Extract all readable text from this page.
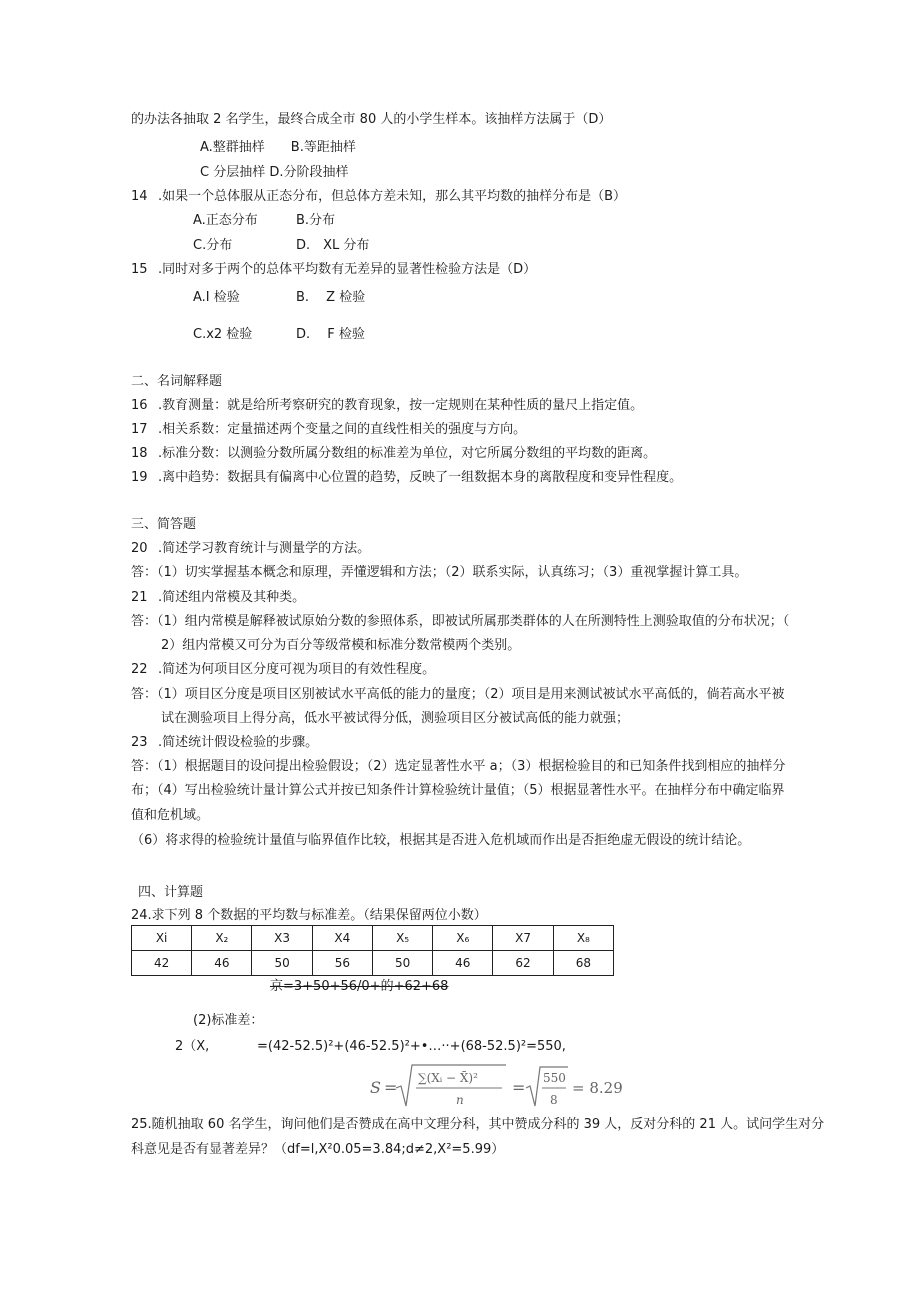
的办法各抽取 2 名学生，最终合成全市 80 人的小学生样本。该抽样方法属于（D）
A.整群抽样　　B.等距抽样
C 分层抽样 D.分阶段抽样
14 .如果一个总体服从正态分布，但总体方差未知，那么其平均数的抽样分布是（B）
A.正态分布	B.分布
C.分布	D.　XL 分布
15 .同时对多于两个的总体平均数有无差异的显著性检验方法是（D）
A.I 检验	B.　 Z 检验
C.x2 检验	D.　 F 检验
二、名词解释题
16 .教育测量：就是给所考察研究的教育现象，按一定规则在某种性质的量尺上指定值。
17 .相关系数：定量描述两个变量之间的直线性相关的强度与方向。
18 .标准分数：以测验分数所属分数组的标准差为单位，对它所属分数组的平均数的距离。
19 .离中趋势：数据具有偏离中心位置的趋势，反映了一组数据本身的离散程度和变异性程度。
三、简答题
20 .简述学习教育统计与测量学的方法。
答：（1）切实掌握基本概念和原理，弄懂逻辑和方法；（2）联系实际，认真练习；（3）重视掌握计算工具。
21 .简述组内常模及其种类。
答：（1）组内常模是解释被试原始分数的参照体系，即被试所属那类群体的人在所测特性上测验取值的分布状况；（
2）组内常模又可分为百分等级常模和标准分数常模两个类别。
22 .简述为何项目区分度可视为项目的有效性程度。
答：（1）项目区分度是项目区别被试水平高低的能力的量度；（2）项目是用来测试被试水平高低的，倘若高水平被
试在测验项目上得分高，低水平被试得分低，测验项目区分被试高低的能力就强；
23 .简述统计假设检验的步骤。
答：（1）根据题目的设问提出检验假设；（2）选定显著性水平 a；（3）根据检验目的和已知条件找到相应的抽样分
布；（4）写出检验统计量计算公式并按已知条件计算检验统计量值；（5）根据显著性水平。在抽样分布中确定临界
值和危机域。
（6）将求得的检验统计量值与临界值作比较，根据其是否进入危机域而作出是否拒绝虚无假设的统计结论。
四、计算题
24.求下列 8 个数据的平均数与标准差。（结果保留两位小数）
Xi	X₂	X3	X4	X₅	X₆	X7	X₈
42	46	50	56	50	46	62	68
京=3+50+56/0+的+62+68
(2)标准差：
2（X,	=(42-52.5)²+(46-52.5)²+•…··+(68-52.5)²=550,
S = ∑(Xᵢ − X̄)²
n
= 550
8
= 8.29
25.随机抽取 60 名学生，询问他们是否赞成在高中文理分科，其中赞成分科的 39 人，反对分科的 21 人。试问学生对分
科意见是否有显著差异？（df=l,X²0.05=3.84;d≠2,X²=5.99）
